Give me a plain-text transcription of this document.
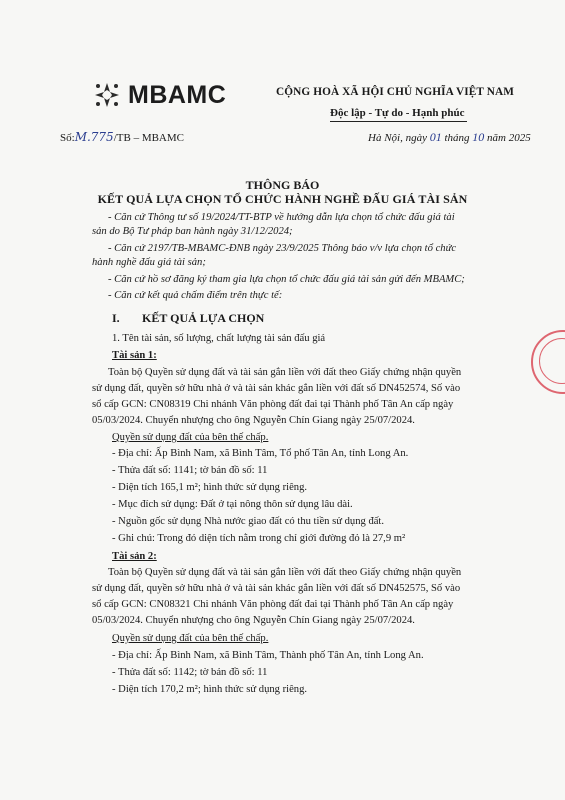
MBAMC	CỘNG HOÀ XÃ HỘI CHỦ NGHĨA VIỆT NAM
Độc lập - Tự do - Hạnh phúc
Số:M.775/TB – MBAMC	Hà Nội, ngày 01 tháng 10 năm 2025
THÔNG BÁO
KẾT QUẢ LỰA CHỌN TỔ CHỨC HÀNH NGHỀ ĐẤU GIÁ TÀI SẢN
- Căn cứ Thông tư số 19/2024/TT-BTP về hướng dẫn lựa chọn tổ chức đấu giá tài
sản do Bộ Tư pháp ban hành ngày 31/12/2024;
- Căn cứ 2197/TB-MBAMC-ĐNB ngày 23/9/2025 Thông báo v/v lựa chọn tổ chức
hành nghề đấu giá tài sản;
- Căn cứ hồ sơ đăng ký tham gia lựa chọn tổ chức đấu giá tài sản gửi đến MBAMC;
- Căn cứ kết quả chấm điểm trên thực tế:
I. KẾT QUẢ LỰA CHỌN
1. Tên tài sản, số lượng, chất lượng tài sản đấu giá
Tài sản 1:
Toàn bộ Quyền sử dụng đất và tài sản gắn liền với đất theo Giấy chứng nhận quyền
sử dụng đất, quyền sở hữu nhà ở và tài sản khác gắn liền với đất số DN452574, Số vào
sổ cấp GCN: CN08319 Chi nhánh Văn phòng đất đai tại Thành phố Tân An cấp ngày
05/03/2024. Chuyển nhượng cho ông Nguyễn Chín Giang ngày 25/07/2024.
Quyền sử dụng đất của bên thế chấp.
- Địa chỉ: Ấp Bình Nam, xã Bình Tâm, Tổ phố Tân An, tỉnh Long An.
- Thửa đất số: 1141; tờ bản đồ số: 11
- Diện tích 165,1 m²; hình thức sử dụng riêng.
- Mục đích sử dụng: Đất ở tại nông thôn sử dụng lâu dài.
- Nguồn gốc sử dụng Nhà nước giao đất có thu tiền sử dụng đất.
- Ghi chú: Trong đó diện tích nằm trong chỉ giới đường đỏ là 27,9 m²
Tài sản 2:
Toàn bộ Quyền sử dụng đất và tài sản gắn liền với đất theo Giấy chứng nhận quyền
sử dụng đất, quyền sở hữu nhà ở và tài sản khác gắn liền với đất số DN452575, Số vào
sổ cấp GCN: CN08321 Chi nhánh Văn phòng đất đai tại Thành phố Tân An cấp ngày
05/03/2024. Chuyển nhượng cho ông Nguyễn Chín Giang ngày 25/07/2024.
Quyền sử dụng đất của bên thế chấp.
- Địa chỉ: Ấp Bình Nam, xã Bình Tâm, Thành phố Tân An, tỉnh Long An.
- Thửa đất số: 1142; tờ bản đồ số: 11
- Diện tích 170,2 m²; hình thức sử dụng riêng.
